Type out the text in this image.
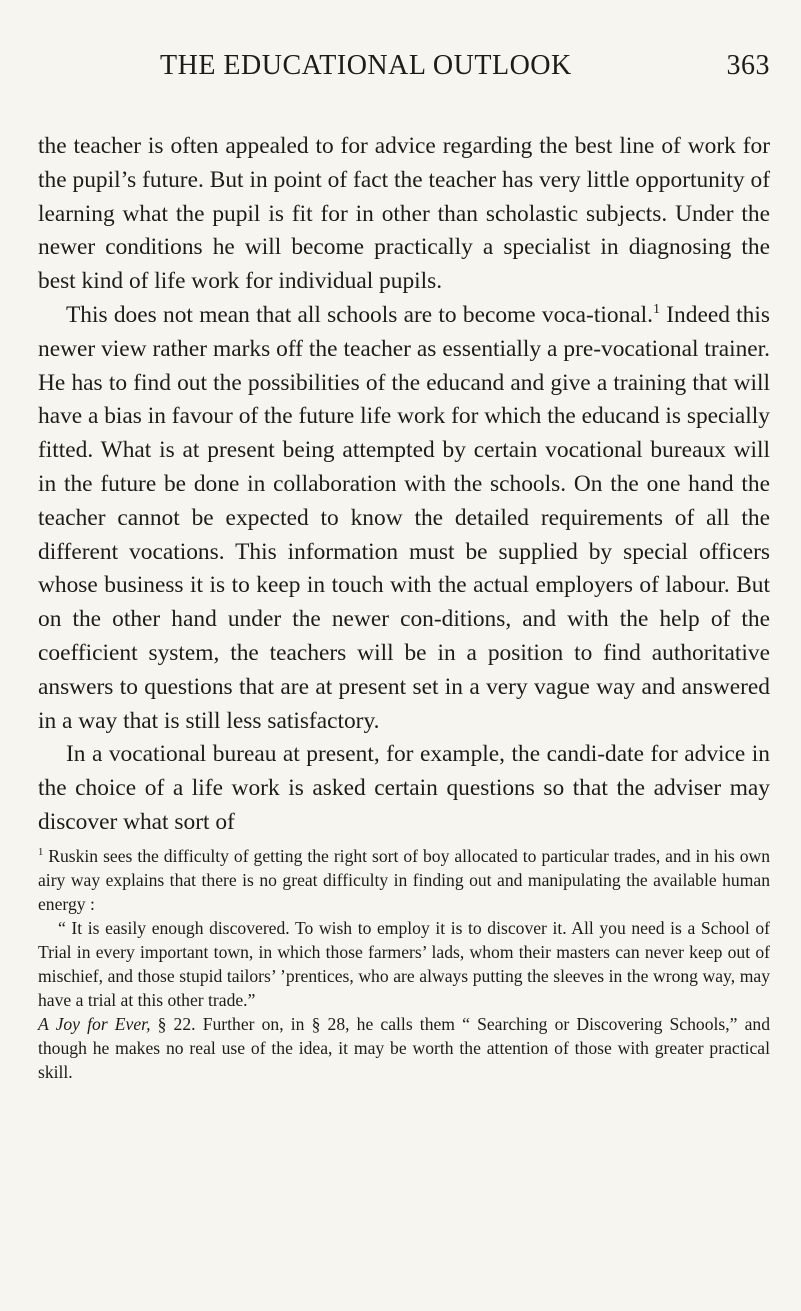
THE EDUCATIONAL OUTLOOK	363

the teacher is often appealed to for advice regarding the best line of work for the pupil’s future. But in point of fact the teacher has very little opportunity of learning what the pupil is fit for in other than scholastic subjects. Under the newer conditions he will become practically a specialist in diagnosing the best kind of life work for individual pupils.

This does not mean that all schools are to become voca-tional.$^1$ Indeed this newer view rather marks off the teacher as essentially a pre-vocational trainer. He has to find out the possibilities of the educand and give a training that will have a bias in favour of the future life work for which the educand is specially fitted. What is at present being attempted by certain vocational bureaux will in the future be done in collaboration with the schools. On the one hand the teacher cannot be expected to know the detailed requirements of all the different vocations. This information must be supplied by special officers whose business it is to keep in touch with the actual employers of labour. But on the other hand under the newer con-ditions, and with the help of the coefficient system, the teachers will be in a position to find authoritative answers to questions that are at present set in a very vague way and answered in a way that is still less satisfactory.

In a vocational bureau at present, for example, the candi-date for advice in the choice of a life work is asked certain questions so that the adviser may discover what sort of

$^1$ Ruskin sees the difficulty of getting the right sort of boy allocated to particular trades, and in his own airy way explains that there is no great difficulty in finding out and manipulating the available human energy :

“ It is easily enough discovered. To wish to employ it is to discover it. All you need is a School of Trial in every important town, in which those farmers’ lads, whom their masters can never keep out of mischief, and those stupid tailors’ ’prentices, who are always putting the sleeves in the wrong way, may have a trial at this other trade.”

A Joy for Ever, § 22. Further on, in § 28, he calls them “ Searching or Discovering Schools,” and though he makes no real use of the idea, it may be worth the attention of those with greater practical skill.
